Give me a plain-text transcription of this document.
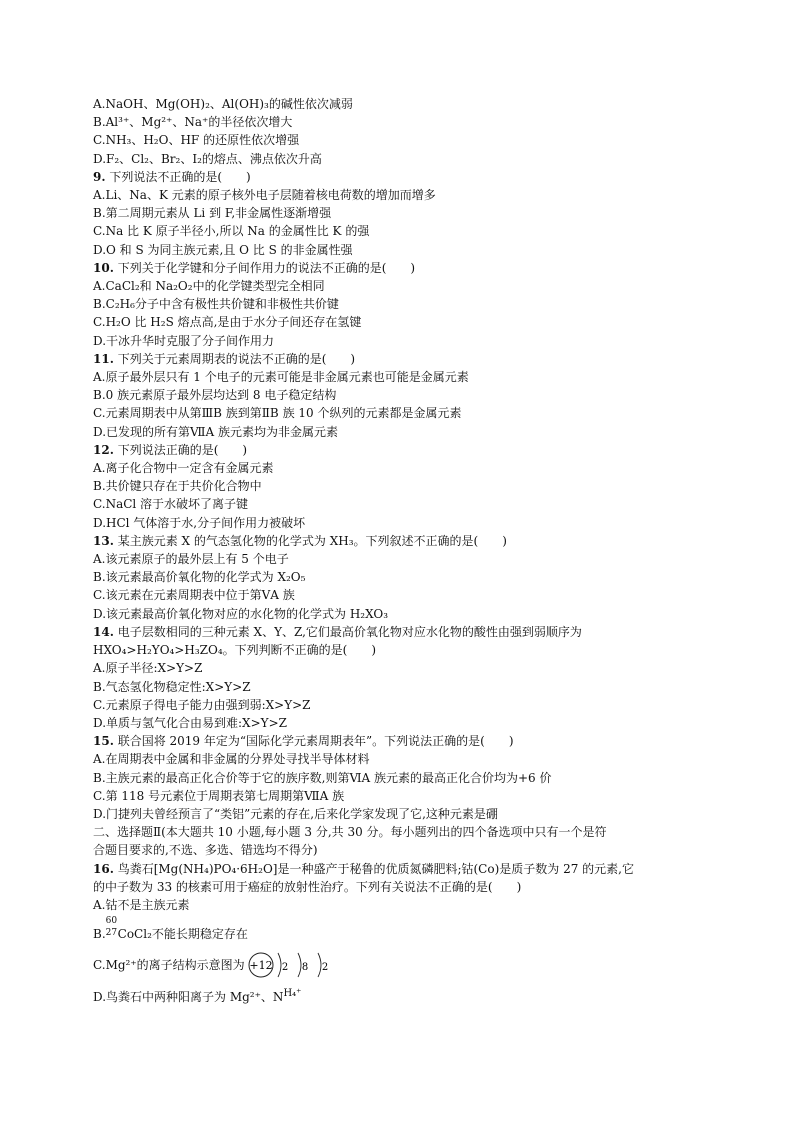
A.NaOH、Mg(OH)₂、Al(OH)₃的碱性依次减弱
B.Al³⁺、Mg²⁺、Na⁺的半径依次增大
C.NH₃、H₂O、HF 的还原性依次增强
D.F₂、Cl₂、Br₂、I₂的熔点、沸点依次升高
9. 下列说法不正确的是(　　)
A.Li、Na、K 元素的原子核外电子层随着核电荷数的增加而增多
B.第二周期元素从 Li 到 F,非金属性逐渐增强
C.Na 比 K 原子半径小,所以 Na 的金属性比 K 的强
D.O 和 S 为同主族元素,且 O 比 S 的非金属性强
10. 下列关于化学键和分子间作用力的说法不正确的是(　　)
A.CaCl₂和 Na₂O₂中的化学键类型完全相同
B.C₂H₆分子中含有极性共价键和非极性共价键
C.H₂O 比 H₂S 熔点高,是由于水分子间还存在氢键
D.干冰升华时克服了分子间作用力
11. 下列关于元素周期表的说法不正确的是(　　)
A.原子最外层只有 1 个电子的元素可能是非金属元素也可能是金属元素
B.0 族元素原子最外层均达到 8 电子稳定结构
C.元素周期表中从第ⅢB 族到第ⅡB 族 10 个纵列的元素都是金属元素
D.已发现的所有第ⅦA 族元素均为非金属元素
12. 下列说法正确的是(　　)
A.离子化合物中一定含有金属元素
B.共价键只存在于共价化合物中
C.NaCl 溶于水破坏了离子键
D.HCl 气体溶于水,分子间作用力被破坏
13. 某主族元素 X 的气态氢化物的化学式为 XH₃。下列叙述不正确的是(　　)
A.该元素原子的最外层上有 5 个电子
B.该元素最高价氧化物的化学式为 X₂O₅
C.该元素在元素周期表中位于第ⅤA 族
D.该元素最高价氧化物对应的水化物的化学式为 H₂XO₃
14. 电子层数相同的三种元素 X、Y、Z,它们最高价氧化物对应水化物的酸性由强到弱顺序为
HXO₄>H₂YO₄>H₃ZO₄。下列判断不正确的是(　　)
A.原子半径:X>Y>Z
B.气态氢化物稳定性:X>Y>Z
C.元素原子得电子能力由强到弱:X>Y>Z
D.单质与氢气化合由易到难:X>Y>Z
15. 联合国将 2019 年定为“国际化学元素周期表年”。下列说法正确的是(　　)
A.在周期表中金属和非金属的分界处寻找半导体材料
B.主族元素的最高正化合价等于它的族序数,则第ⅥA 族元素的最高正化合价均为+6 价
C.第 118 号元素位于周期表第七周期第ⅦA 族
D.门捷列夫曾经预言了“类铝”元素的存在,后来化学家发现了它,这种元素是硼
二、选择题Ⅱ(本大题共 10 小题,每小题 3 分,共 30 分。每小题列出的四个备选项中只有一个是符
合题目要求的,不选、多选、错选均不得分)
16. 鸟粪石[Mg(NH₄)PO₄·6H₂O]是一种盛产于秘鲁的优质氮磷肥料;钴(Co)是质子数为 27 的元素,它
的中子数为 33 的核素可用于癌症的放射性治疗。下列有关说法不正确的是(　　)
A.钴不是主族元素
B.
60
27 CoCl₂不能长期稳定存在
C.Mg²⁺的离子结构示意图为 +12 2 8 2
D.鸟粪石中两种阳离子为 Mg²⁺、$N^{H_4^+}$
